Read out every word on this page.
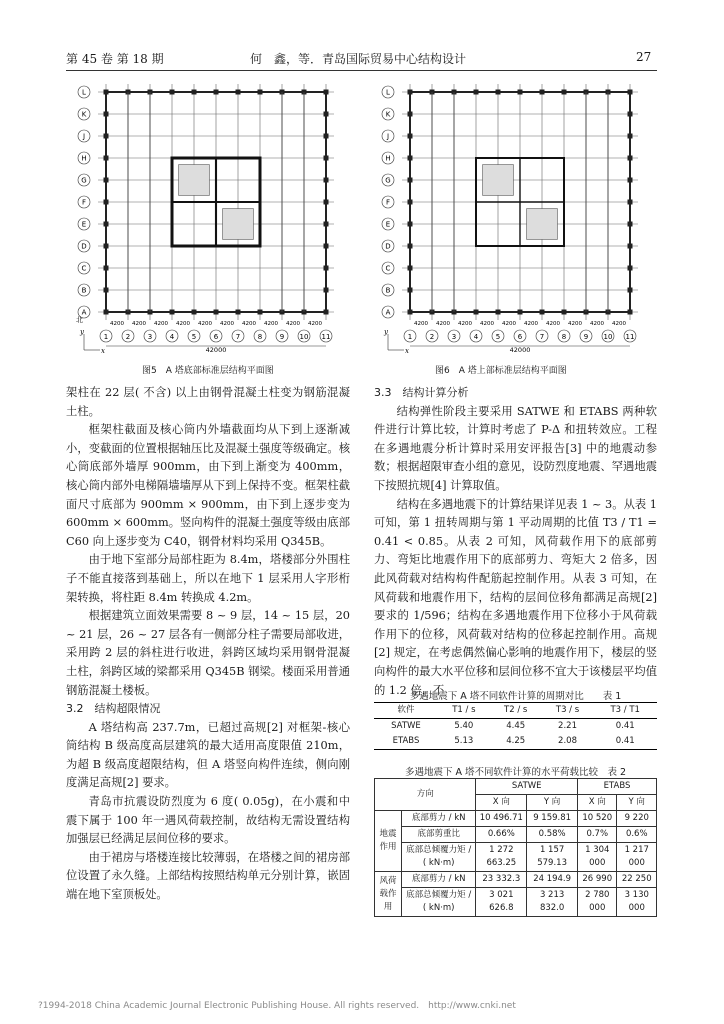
第 45 卷 第 18 期	何　鑫，等．青岛国际贸易中心结构设计	27
1	2	3	4	5	6	7	8	9 10 11
L
K
J
H
G
F
E
D
C
B
A
4200 4200 4200 4200 4200 4200 4200 4200 4200 4200
42000
y
x
北
图5　A 塔底部标准层结构平面图
1	2	3	4	5	6	7	8	9 10 11
L
K
J
H
G
F
E
D
C
B
A
4200 4200 4200 4200 4200 4200 4200 4200 4200 4200
42000
y
x
图6　A 塔上部标准层结构平面图

架柱在 22 层( 不含) 以上由钢骨混凝土柱变为钢筋混凝土柱。

框架柱截面及核心筒内外墙截面均从下到上逐渐减小，变截面的位置根据轴压比及混凝土强度等级确定。核心筒底部外墙厚 900mm，由下到上渐变为 400mm，核心筒内部外电梯隔墙墙厚从下到上保持不变。框架柱截面尺寸底部为 900mm × 900mm，由下到上逐步变为 600mm × 600mm。竖向构件的混凝土强度等级由底部 C60 向上逐步变为 C40，钢骨材料均采用 Q345B。

由于地下室部分局部柱距为 8.4m，塔楼部分外围柱子不能直接落到基础上，所以在地下 1 层采用人字形桁架转换，将柱距 8.4m 转换成 4.2m。

根据建筑立面效果需要 8 ~ 9 层，14 ~ 15 层，20 ~ 21 层，26 ~ 27 层各有一侧部分柱子需要局部收进，采用跨 2 层的斜柱进行收进，斜跨区域均采用钢骨混凝土柱，斜跨区域的梁都采用 Q345B 钢梁。楼面采用普通钢筋混凝土楼板。

3.2　结构超限情况

A 塔结构高 237.7m，已超过高规[2] 对框架-核心筒结构 B 级高度高层建筑的最大适用高度限值 210m，为超 B 级高度超限结构，但 A 塔竖向构件连续，侧向刚度满足高规[2] 要求。

青岛市抗震设防烈度为 6 度( 0.05g)，在小震和中震下属于 100 年一遇风荷载控制，故结构无需设置结构加强层已经满足层间位移的要求。

由于裙房与塔楼连接比较薄弱，在塔楼之间的裙房部位设置了永久缝。上部结构按照结构单元分别计算，嵌固端在地下室顶板处。

3.3　结构计算分析

结构弹性阶段主要采用 SATWE 和 ETABS 两种软件进行计算比较，计算时考虑了 P-Δ 和扭转效应。工程在多遇地震分析计算时采用安评报告[3] 中的地震动参数；根据超限审查小组的意见，设防烈度地震、罕遇地震下按照抗规[4] 计算取值。

结构在多遇地震下的计算结果详见表 1 ~ 3。从表 1 可知，第 1 扭转周期与第 1 平动周期的比值 T3 / T1 = 0.41 < 0.85。从表 2 可知，风荷载作用下的底部剪力、弯矩比地震作用下的底部剪力、弯矩大 2 倍多，因此风荷载对结构构件配筋起控制作用。从表 3 可知，在风荷载和地震作用下，结构的层间位移角都满足高规[2] 要求的 1/596；结构在多遇地震作用下位移小于风荷载作用下的位移，风荷载对结构的位移起控制作用。高规[2] 规定，在考虑偶然偏心影响的地震作用下，楼层的竖向构件的最大水平位移和层间位移不宜大于该楼层平均值的 1.2 倍，不

多遇地震下 A 塔不同软件计算的周期对比　　表 1
软件	T1 / s	T2 / s	T3 / s	T3 / T1
SATWE	5.40	4.45	2.21	0.41
ETABS	5.13	4.25	2.08	0.41
多遇地震下 A 塔不同软件计算的水平荷载比较　表 2
方向		SATWE		ETABS	
		X 向	Y 向	X 向	Y 向
地震作用	底部剪力 / kN	10 496.71	9 159.81	10 520	9 220
	底部剪重比	0.66%	0.58%	0.7%	0.6%
	底部总倾覆力矩 / ( kN·m)	1 272 663.25	1 157 579.13	1 304 000	1 217 000
风荷载作用	底部剪力 / kN	23 332.3	24 194.9	26 990	22 250
	底部总倾覆力矩 / ( kN·m)	3 021 626.8	3 213 832.0	2 780 000	3 130 000
?1994-2018 China Academic Journal Electronic Publishing House. All rights reserved.　http://www.cnki.net
